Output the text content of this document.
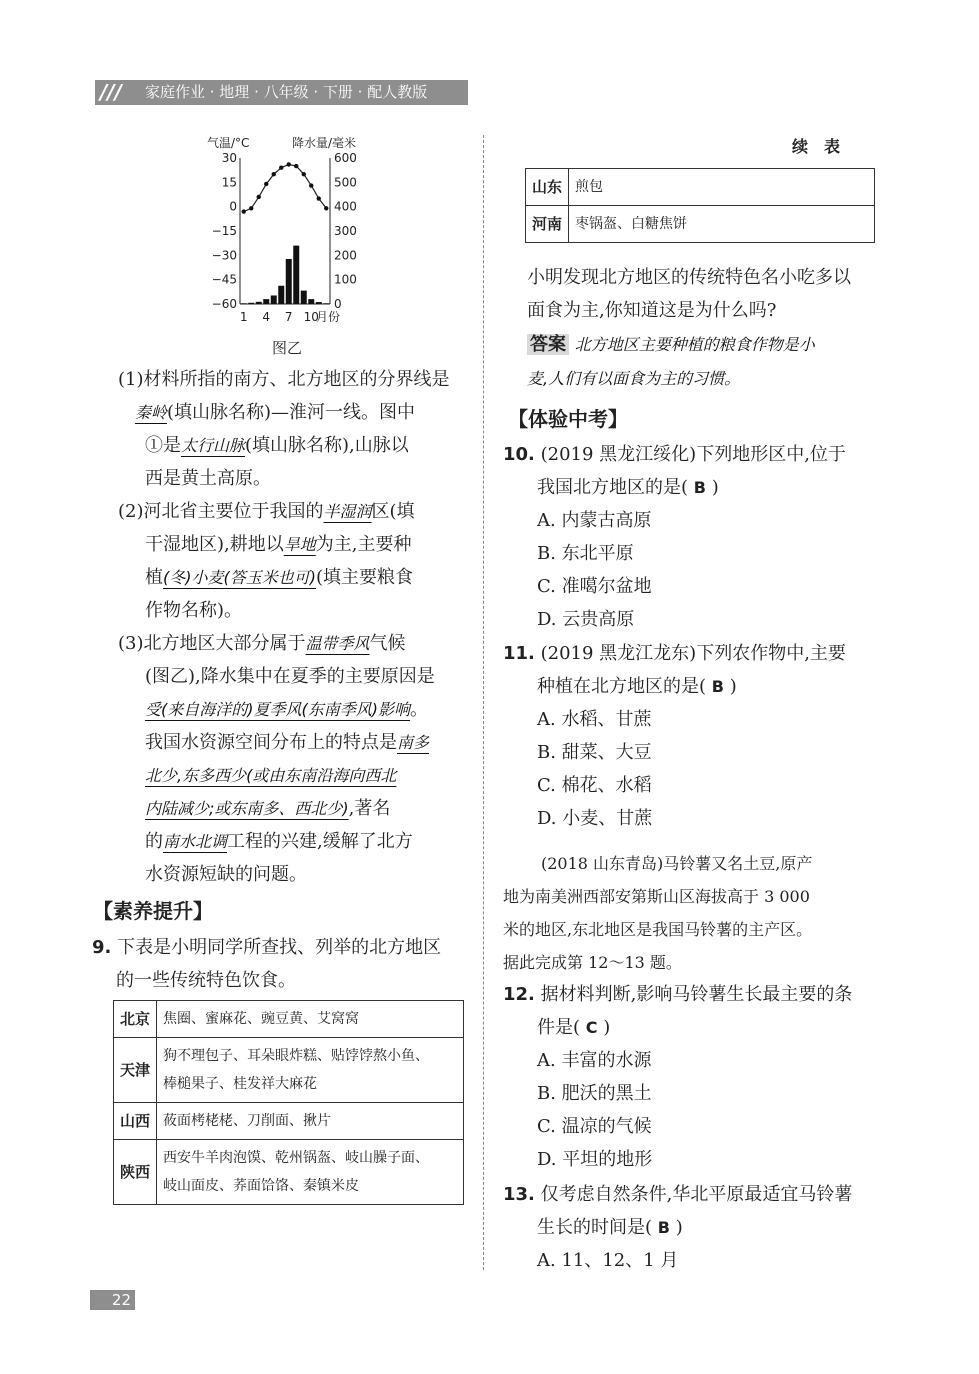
///	家庭作业 · 地理 · 八年级 · 下册 · 配人教版
气温/°C	降水量/毫米
30
15
0
−15
−30
−45
−60
600
500
400
300
200
100
0
1 4 7 10
月份
图乙
(1)材料所指的南方、北方地区的分界线是
秦岭(填山脉名称)—淮河一线。图中
①是太行山脉(填山脉名称),山脉以
西是黄土高原。
(2)河北省主要位于我国的半湿润区(填
干湿地区),耕地以旱地为主,主要种
植(冬)小麦(答玉米也可)(填主要粮食
作物名称)。
(3)北方地区大部分属于温带季风气候
(图乙),降水集中在夏季的主要原因是
受(来自海洋的)夏季风(东南季风)影响。
我国水资源空间分布上的特点是南多
北少,东多西少(或由东南沿海向西北
内陆减少;或东南多、西北少),著名
的南水北调工程的兴建,缓解了北方
水资源短缺的问题。
【素养提升】
9. 下表是小明同学所查找、列举的北方地区
的一些传统特色饮食。
北京	焦圈、蜜麻花、豌豆黄、艾窝窝

天津	狗不理包子、耳朵眼炸糕、贴饽饽熬小鱼、
棒槌果子、桂发祥大麻花

山西	莜面栲栳栳、刀削面、揪片

陕西	西安牛羊肉泡馍、乾州锅盔、岐山臊子面、
岐山面皮、荞面饸饹、秦镇米皮
续　表
山东	煎包

河南	枣锅盔、白糖焦饼
小明发现北方地区的传统特色名小吃多以
面食为主,你知道这是为什么吗?
答案 北方地区主要种植的粮食作物是小
麦,人们有以面食为主的习惯。
【体验中考】
10. (2019 黑龙江绥化)下列地形区中,位于
我国北方地区的是( B )
A. 内蒙古高原
B. 东北平原
C. 准噶尔盆地
D. 云贵高原
11. (2019 黑龙江龙东)下列农作物中,主要
种植在北方地区的是( B )
A. 水稻、甘蔗
B. 甜菜、大豆
C. 棉花、水稻
D. 小麦、甘蔗
(2018 山东青岛)马铃薯又名土豆,原产
地为南美洲西部安第斯山区海拔高于 3 000
米的地区,东北地区是我国马铃薯的主产区。
据此完成第 12～13 题。
12. 据材料判断,影响马铃薯生长最主要的条
件是( C )
A. 丰富的水源
B. 肥沃的黑土
C. 温凉的气候
D. 平坦的地形
13. 仅考虑自然条件,华北平原最适宜马铃薯
生长的时间是( B )
A. 11、12、1 月
22
